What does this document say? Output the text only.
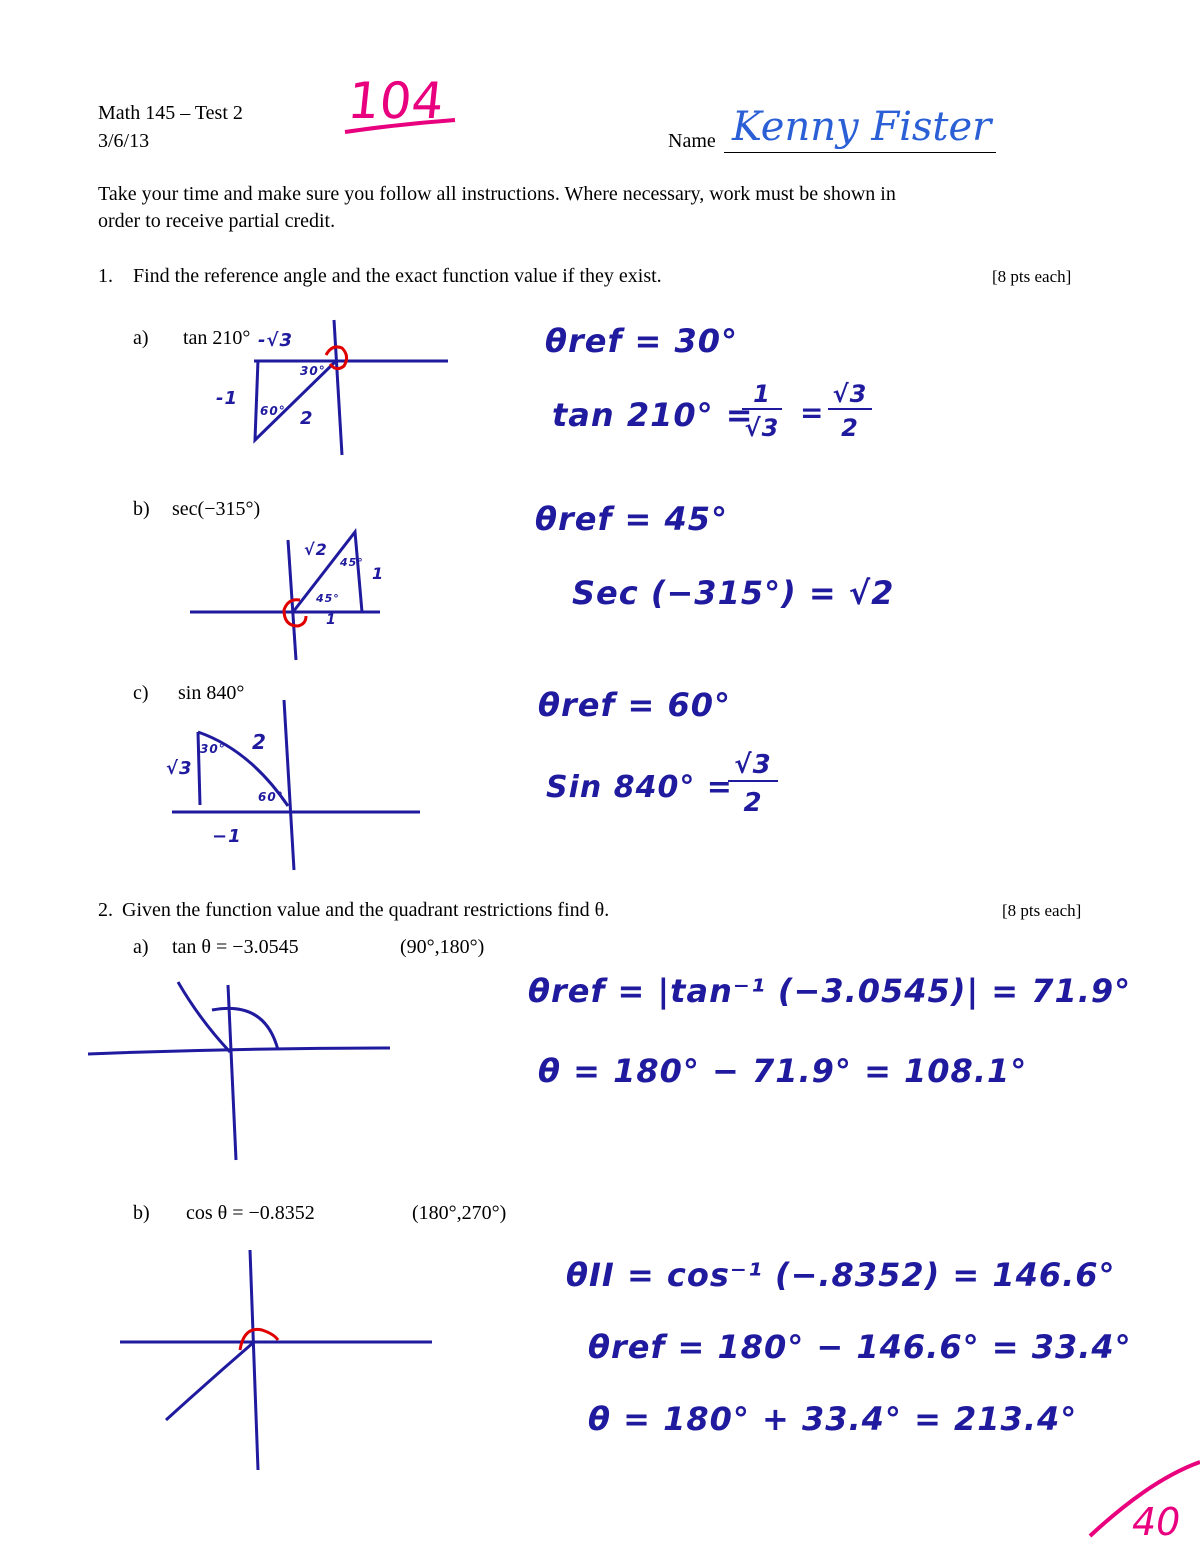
Math 145 – Test 2
3/6/13	Name Kenny Fister
104
Take your time and make sure you follow all instructions. Where necessary, work must be shown in
order to receive partial credit.
1. Find the reference angle and the exact function value if they exist.	[8 pts each]
a) tan 210°
b) sec(−315°)
c) sin 840°
2. Given the function value and the quadrant restrictions find θ.	[8 pts each]
a) tan θ = −3.0545	(90°,180°)
b) cos θ = −0.8352	(180°,270°)
-√3
-1
2
30°
60°
√2
1
45°
45°
1
√3
2
−1
30°
60°
θref = 30°
tan 210° =
1
√3 =
√3
2
θref = 45°
Sec (−315°) = √2
θref = 60°
Sin 840° =
√3
2
θref = |tan⁻¹ (−3.0545)| = 71.9°
θ = 180° − 71.9° = 108.1°
θII = cos⁻¹ (−.8352) = 146.6°
θref = 180° − 146.6° = 33.4°
θ = 180° + 33.4° = 213.4°
40
